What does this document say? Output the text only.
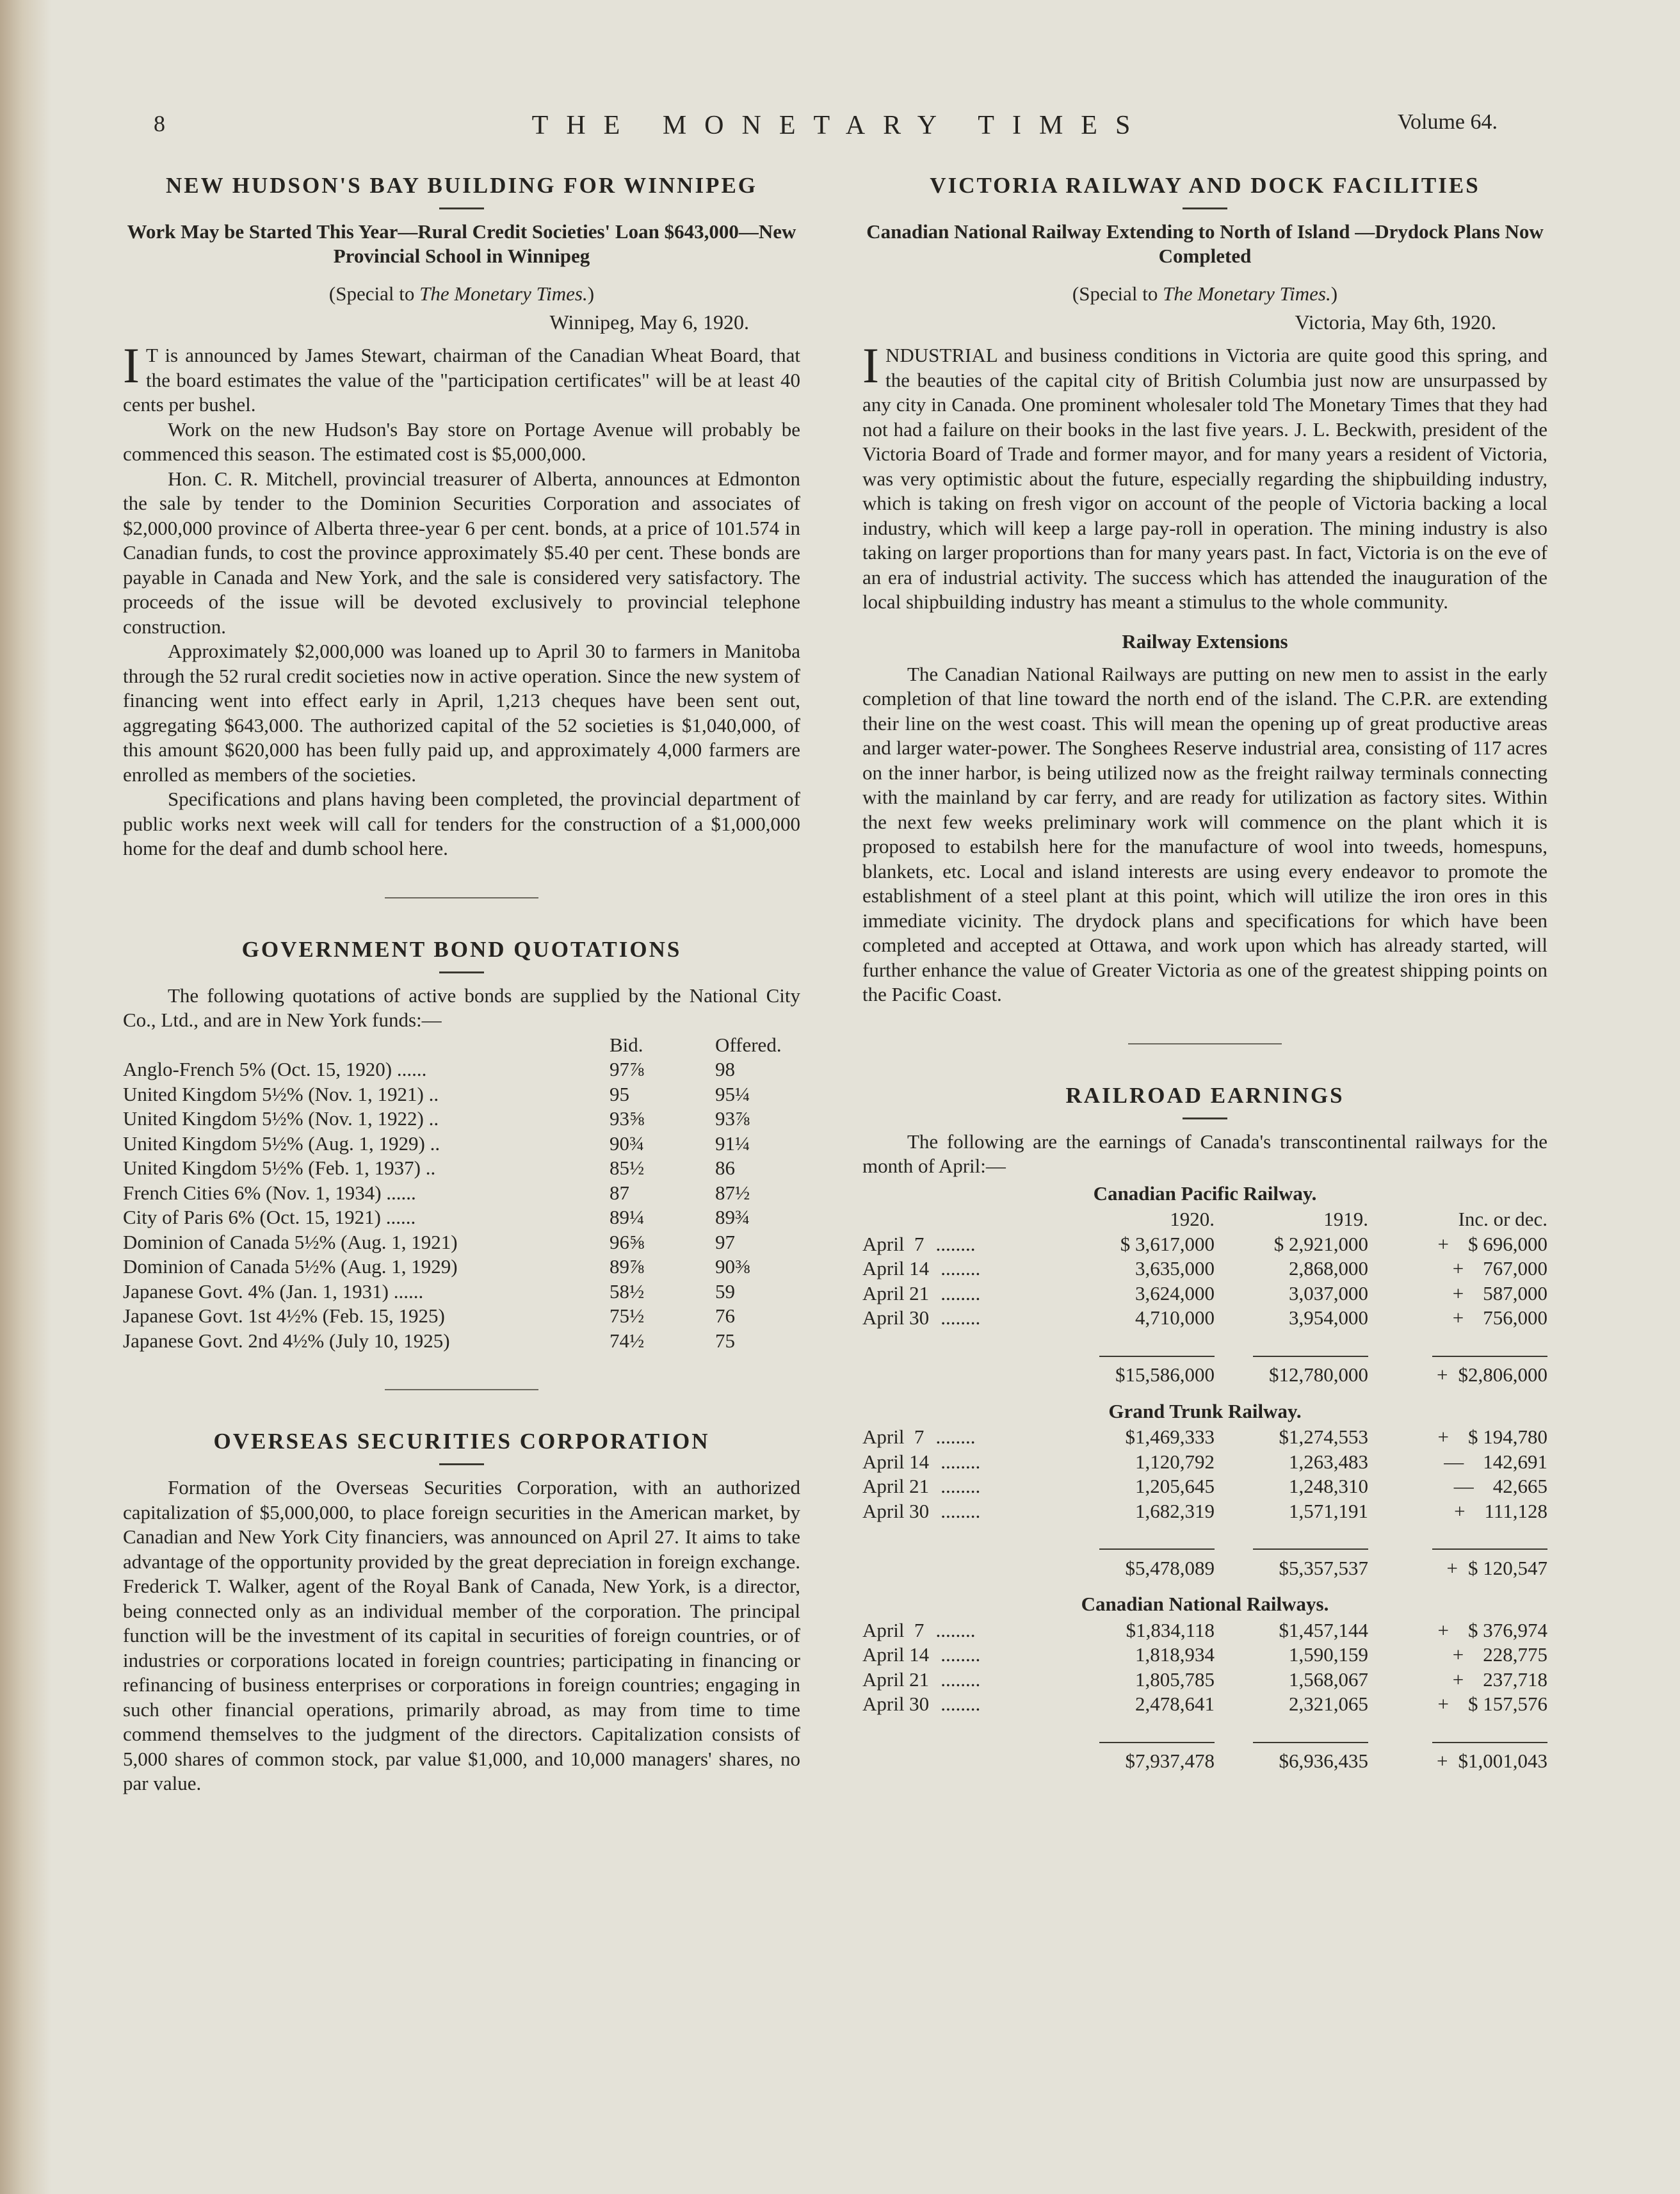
8	THE MONETARY TIMES	Volume 64.
NEW HUDSON'S BAY BUILDING FOR WINNIPEG

Work May be Started This Year—Rural Credit Societies' Loan $643,000—New Provincial School in Winnipeg

(Special to The Monetary Times.)

Winnipeg, May 6, 1920.

I T is announced by James Stewart, chairman of the Canadian Wheat Board, that the board estimates the value of the "participation certificates" will be at least 40 cents per bushel.

Work on the new Hudson's Bay store on Portage Avenue will probably be commenced this season. The estimated cost is $5,000,000.

Hon. C. R. Mitchell, provincial treasurer of Alberta, announces at Edmonton the sale by tender to the Dominion Securities Corporation and associates of $2,000,000 province of Alberta three-year 6 per cent. bonds, at a price of 101.574 in Canadian funds, to cost the province approximately $5.40 per cent. These bonds are payable in Canada and New York, and the sale is considered very satisfactory. The proceeds of the issue will be devoted exclusively to provincial telephone construction.

Approximately $2,000,000 was loaned up to April 30 to farmers in Manitoba through the 52 rural credit societies now in active operation. Since the new system of financing went into effect early in April, 1,213 cheques have been sent out, aggregating $643,000. The authorized capital of the 52 societies is $1,040,000, of this amount $620,000 has been fully paid up, and approximately 4,000 farmers are enrolled as members of the societies.

Specifications and plans having been completed, the provincial department of public works next week will call for tenders for the construction of a $1,000,000 home for the deaf and dumb school here.

GOVERNMENT BOND QUOTATIONS

The following quotations of active bonds are supplied by the National City Co., Ltd., and are in New York funds:—

	Bid.	Offered.
Anglo-French 5% (Oct. 15, 1920) ......	97⅞	98
United Kingdom 5½% (Nov. 1, 1921) ..	95	95¼
United Kingdom 5½% (Nov. 1, 1922) ..	93⅝	93⅞
United Kingdom 5½% (Aug. 1, 1929) ..	90¾	91¼
United Kingdom 5½% (Feb. 1, 1937) ..	85½	86
French Cities 6% (Nov. 1, 1934) ......	87	87½
City of Paris 6% (Oct. 15, 1921) ......	89¼	89¾
Dominion of Canada 5½% (Aug. 1, 1921)	96⅝	97
Dominion of Canada 5½% (Aug. 1, 1929)	89⅞	90⅜
Japanese Govt. 4% (Jan. 1, 1931) ......	58½	59
Japanese Govt. 1st 4½% (Feb. 15, 1925)	75½	76
Japanese Govt. 2nd 4½% (July 10, 1925)	74½	75
OVERSEAS SECURITIES CORPORATION

Formation of the Overseas Securities Corporation, with an authorized capitalization of $5,000,000, to place foreign securities in the American market, by Canadian and New York City financiers, was announced on April 27. It aims to take advantage of the opportunity provided by the great depreciation in foreign exchange. Frederick T. Walker, agent of the Royal Bank of Canada, New York, is a director, being connected only as an individual member of the corporation. The principal function will be the investment of its capital in securities of foreign countries, or of industries or corporations located in foreign countries; participating in financing or refinancing of business enterprises or corporations in foreign countries; engaging in such other financial operations, primarily abroad, as may from time to time commend themselves to the judgment of the directors. Capitalization consists of 5,000 shares of common stock, par value $1,000, and 10,000 managers' shares, no par value.

VICTORIA RAILWAY AND DOCK FACILITIES

Canadian National Railway Extending to North of Island —Drydock Plans Now Completed

(Special to The Monetary Times.)

Victoria, May 6th, 1920.

INDUSTRIAL and business conditions in Victoria are quite good this spring, and the beauties of the capital city of British Columbia just now are unsurpassed by any city in Canada. One prominent wholesaler told The Monetary Times that they had not had a failure on their books in the last five years. J. L. Beckwith, president of the Victoria Board of Trade and former mayor, and for many years a resident of Victoria, was very optimistic about the future, especially regarding the shipbuilding industry, which is taking on fresh vigor on account of the people of Victoria backing a local industry, which will keep a large pay-roll in operation. The mining industry is also taking on larger proportions than for many years past. In fact, Victoria is on the eve of an era of industrial activity. The success which has attended the inauguration of the local shipbuilding industry has meant a stimulus to the whole community.

Railway Extensions

The Canadian National Railways are putting on new men to assist in the early completion of that line toward the north end of the island. The C.P.R. are extending their line on the west coast. This will mean the opening up of great productive areas and larger water-power. The Songhees Reserve industrial area, consisting of 117 acres on the inner harbor, is being utilized now as the freight railway terminals connecting with the mainland by car ferry, and are ready for utilization as factory sites. Within the next few weeks preliminary work will commence on the plant which it is proposed to estabilsh here for the manufacture of wool into tweeds, homespuns, blankets, etc. Local and island interests are using every endeavor to promote the establishment of a steel plant at this point, which will utilize the iron ores in this immediate vicinity. The drydock plans and specifications for which have been completed and accepted at Ottawa, and work upon which has already started, will further enhance the value of Greater Victoria as one of the greatest shipping points on the Pacific Coast.

RAILROAD EARNINGS

The following are the earnings of Canada's transcontinental railways for the month of April:—

Canadian Pacific Railway.			
	1920.	1919.	Inc. or dec.
April  7 ........	$ 3,617,000	$ 2,921,000	+ $ 696,000
April 14 ........	3,635,000	2,868,000	+ 767,000
April 21 ........	3,624,000	3,037,000	+ 587,000
April 30 ........	4,710,000	3,954,000	+ 756,000

$15,586,000	$12,780,000	+ $2,806,000

Grand Trunk Railway.			
April  7 ........	$1,469,333	$1,274,553	+ $ 194,780
April 14 ........	1,120,792	1,263,483	— 142,691
April 21 ........	1,205,645	1,248,310	— 42,665
April 30 ........	1,682,319	1,571,191	+ 111,128

$5,478,089	$5,357,537	+ $ 120,547

Canadian National Railways.			
April  7 ........	$1,834,118	$1,457,144	+ $ 376,974
April 14 ........	1,818,934	1,590,159	+ 228,775
April 21 ........	1,805,785	1,568,067	+ 237,718
April 30 ........	2,478,641	2,321,065	+ $ 157,576

$7,937,478	$6,936,435	+ $1,001,043
